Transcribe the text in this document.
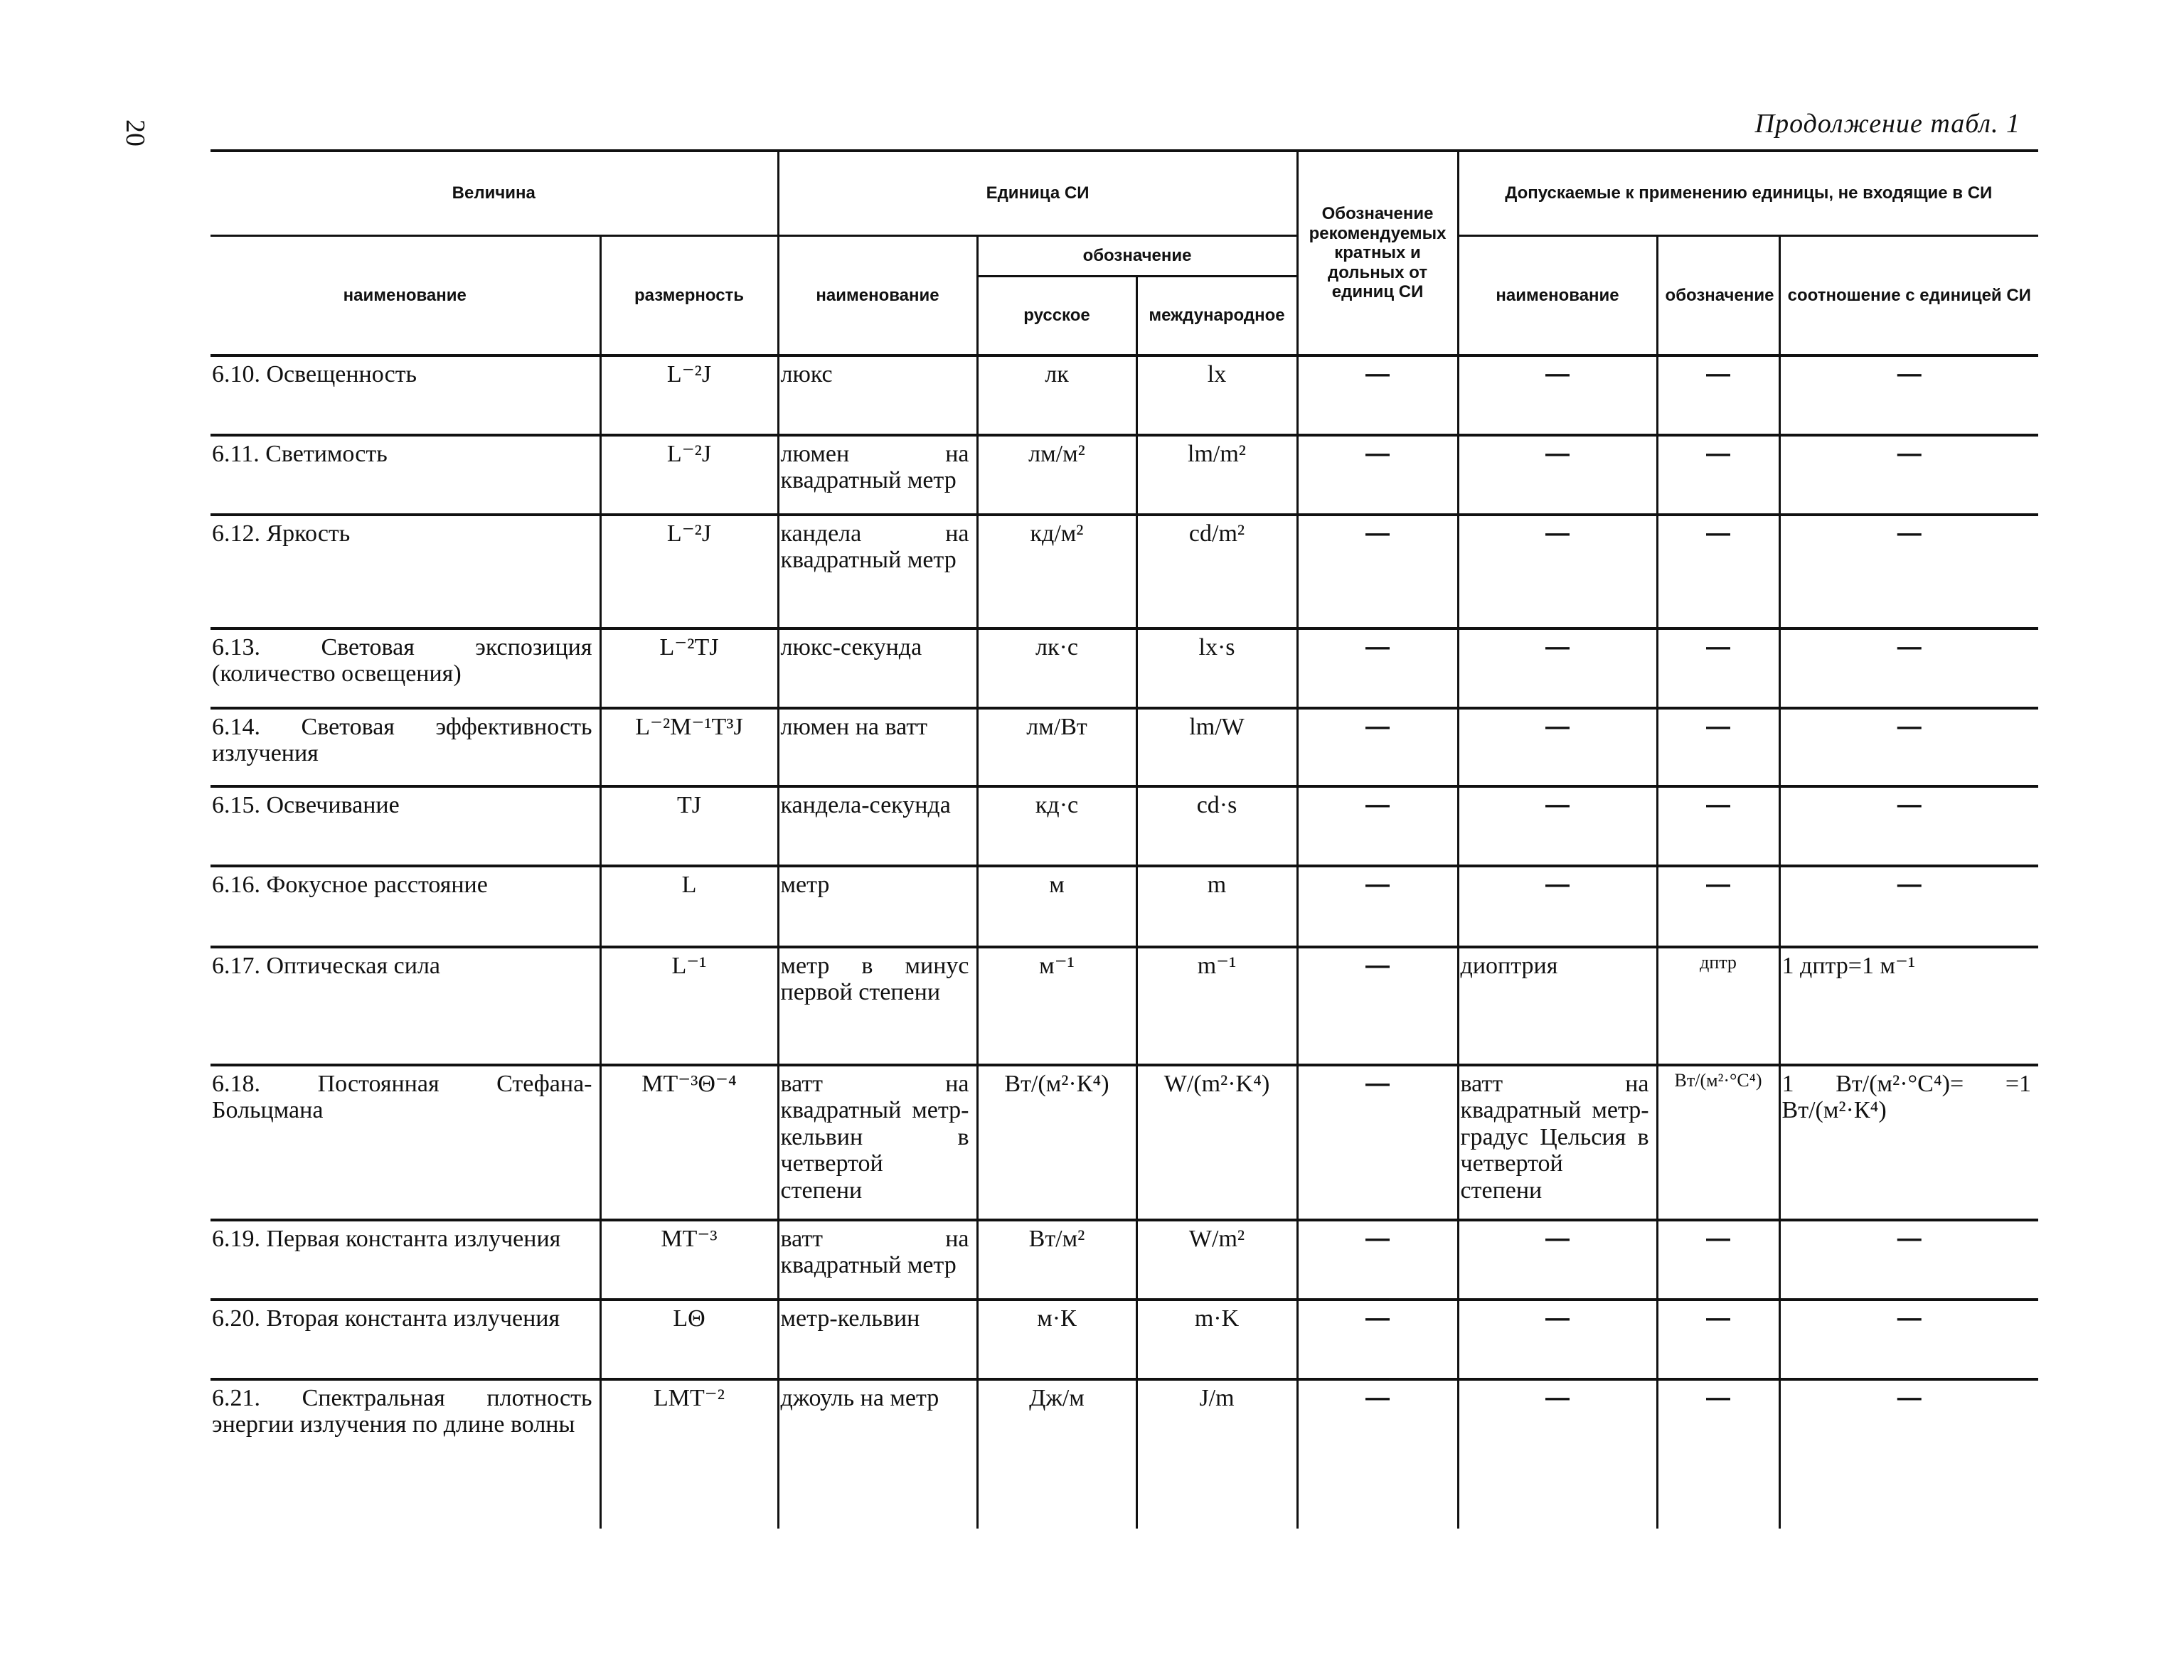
20	Продолжение табл. 1
Величина		Единица СИ			Обозначение рекомендуемых кратных и дольных от единиц СИ	Допускаемые к применению единицы, не входящие в СИ		
наименование	размерность	наименование	обозначение			наименование	обозначение	соотношение с единицей СИ
			русское	международное				
6.10. Освещенность	L⁻²J	люкс	лк	lx	—	—	—	—
6.11. Светимость	L⁻²J	люмен на квадратный метр	лм/м²	lm/m²	—	—	—	—
6.12. Яркость	L⁻²J	кандела на квадратный метр	кд/м²	cd/m²	—	—	—	—
6.13. Световая экспозиция (количество освещения)	L⁻²TJ	люкс-секунда	лк·с	lx·s	—	—	—	—
6.14. Световая эффективность излучения	L⁻²M⁻¹T³J	люмен на ватт	лм/Вт	lm/W	—	—	—	—
6.15. Освечивание	TJ	кандела-секунда	кд·с	cd·s	—	—	—	—
6.16. Фокусное расстояние	L	метр	м	m	—	—	—	—
6.17. Оптическая сила	L⁻¹	метр в минус первой степени	м⁻¹	m⁻¹	—	диоптрия	дптр	1 дптр=1 м⁻¹
6.18. Постоянная Стефана-Больцмана	MT⁻³Θ⁻⁴	ватт на квадратный метр-кельвин в четвертой степени	Вт/(м²·К⁴)	W/(m²·K⁴)	—	ватт на квадратный метр-градус Цельсия в четвертой степени	Вт/(м²·°С⁴)	1 Вт/(м²·°С⁴)= =1 Вт/(м²·К⁴)
6.19. Первая константа излучения	MT⁻³	ватт на квадратный метр	Вт/м²	W/m²	—	—	—	—
6.20. Вторая константа излучения	LΘ	метр-кельвин	м·К	m·K	—	—	—	—
6.21. Спектральная плотность энергии излучения по длине волны	LMT⁻²	джоуль на метр	Дж/м	J/m	—	—	—	—
